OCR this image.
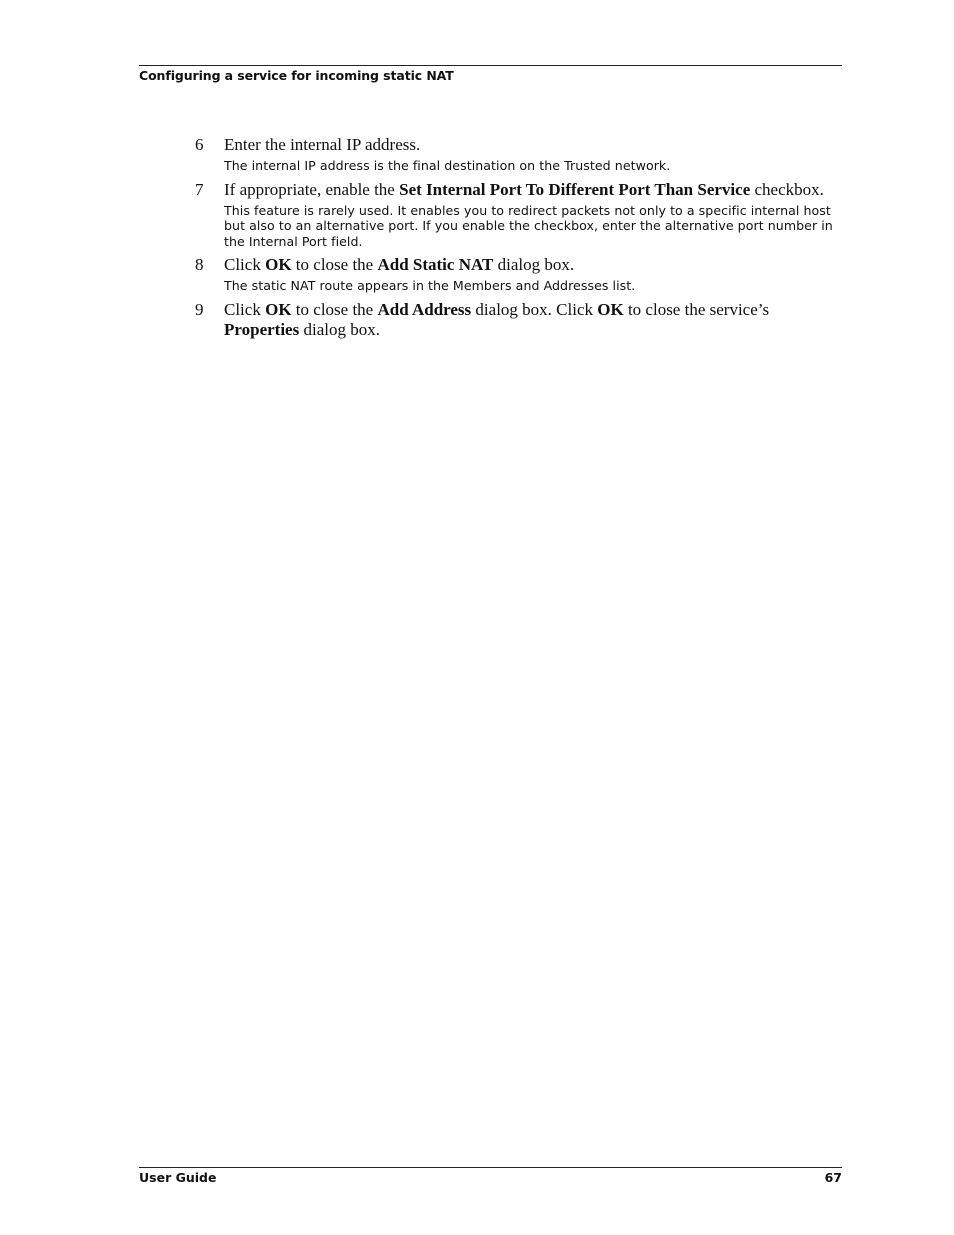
Configuring a service for incoming static NAT
6 Enter the internal IP address.
The internal IP address is the final destination on the Trusted network.
7 If appropriate, enable the Set Internal Port To Different Port Than Service checkbox.
This feature is rarely used. It enables you to redirect packets not only to a specific internal host but also to an alternative port. If you enable the checkbox, enter the alternative port number in the Internal Port field.
8 Click OK to close the Add Static NAT dialog box.
The static NAT route appears in the Members and Addresses list.
9 Click OK to close the Add Address dialog box. Click OK to close the service’s Properties dialog box.
User Guide	67
